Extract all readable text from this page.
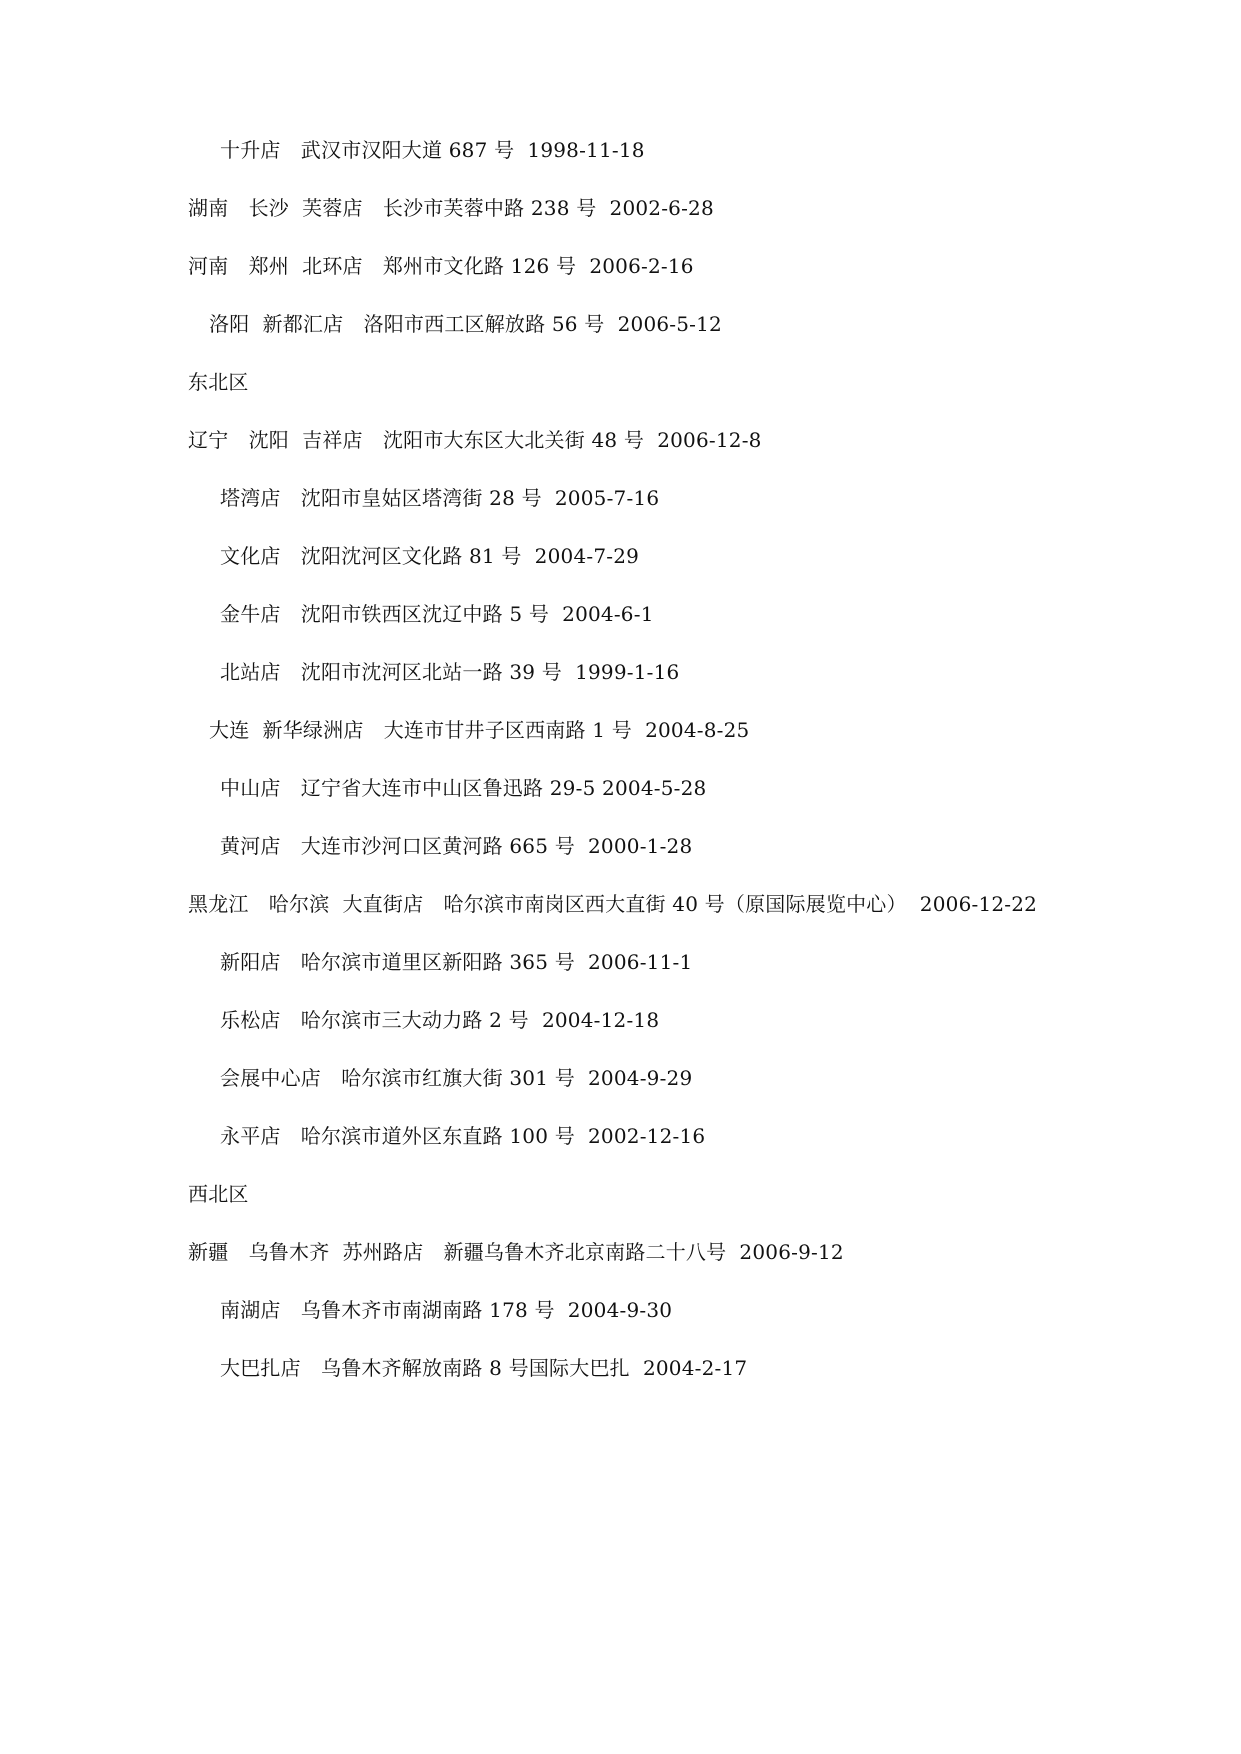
十升店　武汉市汉阳大道 687 号  1998-11-18
湖南　长沙  芙蓉店　长沙市芙蓉中路 238 号  2002-6-28
河南　郑州  北环店　郑州市文化路 126 号  2006-2-16
洛阳  新都汇店　洛阳市西工区解放路 56 号  2006-5-12
东北区
辽宁　沈阳  吉祥店　沈阳市大东区大北关街 48 号  2006-12-8
塔湾店　沈阳市皇姑区塔湾街 28 号  2005-7-16
文化店　沈阳沈河区文化路 81 号  2004-7-29
金牛店　沈阳市铁西区沈辽中路 5 号  2004-6-1
北站店　沈阳市沈河区北站一路 39 号  1999-1-16
大连  新华绿洲店　大连市甘井子区西南路 1 号  2004-8-25
中山店　辽宁省大连市中山区鲁迅路 29-5 2004-5-28
黄河店　大连市沙河口区黄河路 665 号  2000-1-28
黑龙江　哈尔滨  大直街店　哈尔滨市南岗区西大直街 40 号（原国际展览中心）  2006-12-22
新阳店　哈尔滨市道里区新阳路 365 号  2006-11-1
乐松店　哈尔滨市三大动力路 2 号  2004-12-18
会展中心店　哈尔滨市红旗大街 301 号  2004-9-29
永平店　哈尔滨市道外区东直路 100 号  2002-12-16
西北区
新疆　乌鲁木齐  苏州路店　新疆乌鲁木齐北京南路二十八号  2006-9-12
南湖店　乌鲁木齐市南湖南路 178 号  2004-9-30
大巴扎店　乌鲁木齐解放南路 8 号国际大巴扎  2004-2-17
